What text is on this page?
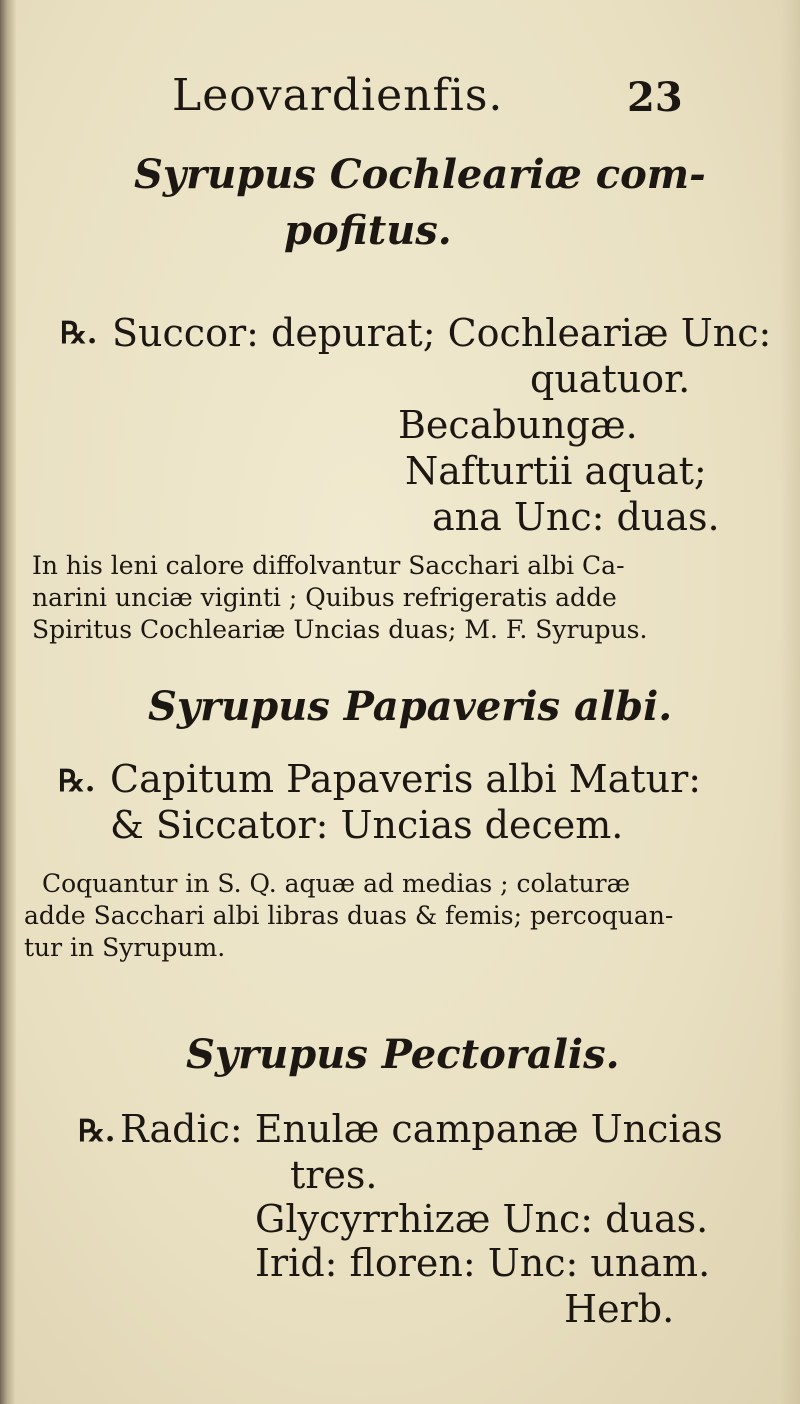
Leovardienfis.	23
Syrupus Cochleariæ com-
pofitus.
℞. Succor: depurat; Cochleariæ Unc:
quatuor.
Becabungæ.
Nafturtii aquat;
ana Unc: duas.
In his leni calore diffolvantur Sacchari albi Ca-
narini unciæ viginti ; Quibus refrigeratis adde
Spiritus Cochleariæ Uncias duas; M. F. Syrupus.
Syrupus Papaveris albi.
℞. Capitum Papaveris albi Matur:
& Siccator: Uncias decem.
Coquantur in S. Q. aquæ ad medias ; colaturæ
adde Sacchari albi libras duas & femis; percoquan-
tur in Syrupum.
Syrupus Pectoralis.
℞. Radic: Enulæ campanæ Uncias
tres.
Glycyrrhizæ Unc: duas.
Irid: floren: Unc: unam.
Herb.
